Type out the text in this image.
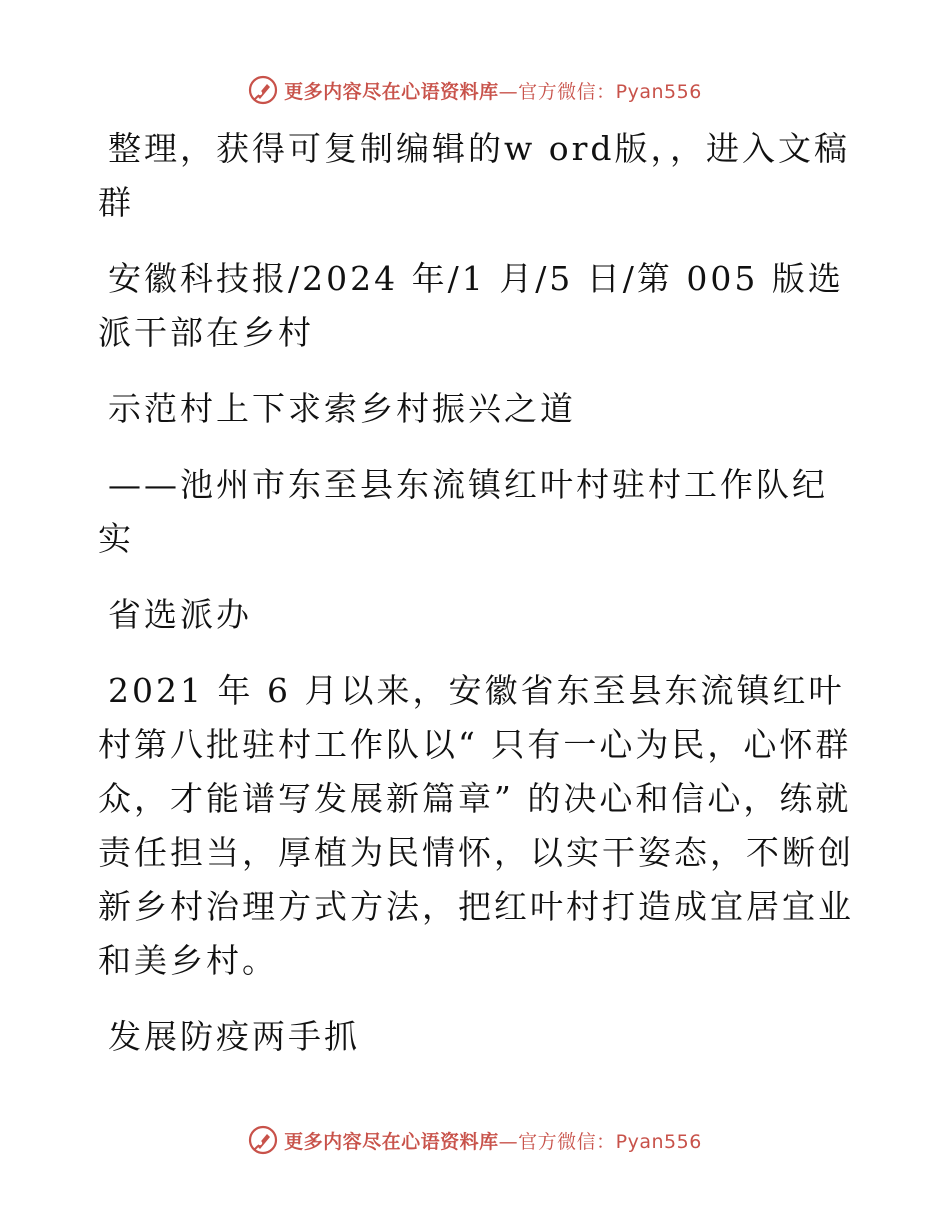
更多内容尽在心语资料库—官方微信：Pyan556

整理，获得可复制编辑的w ord版，，进入文稿群

安徽科技报/2024 年/1 月/5 日/第 005 版选派干部在乡村

示范村上下求索乡村振兴之道

——池州市东至县东流镇红叶村驻村工作队纪实

省选派办

2021 年 6 月以来，安徽省东至县东流镇红叶村第八批驻村工作队以“ 只有一心为民，心怀群众，才能谱写发展新篇章” 的决心和信心，练就责任担当，厚植为民情怀，以实干姿态，不断创新乡村治理方式方法，把红叶村打造成宜居宜业和美乡村。

发展防疫两手抓

更多内容尽在心语资料库—官方微信：Pyan556
